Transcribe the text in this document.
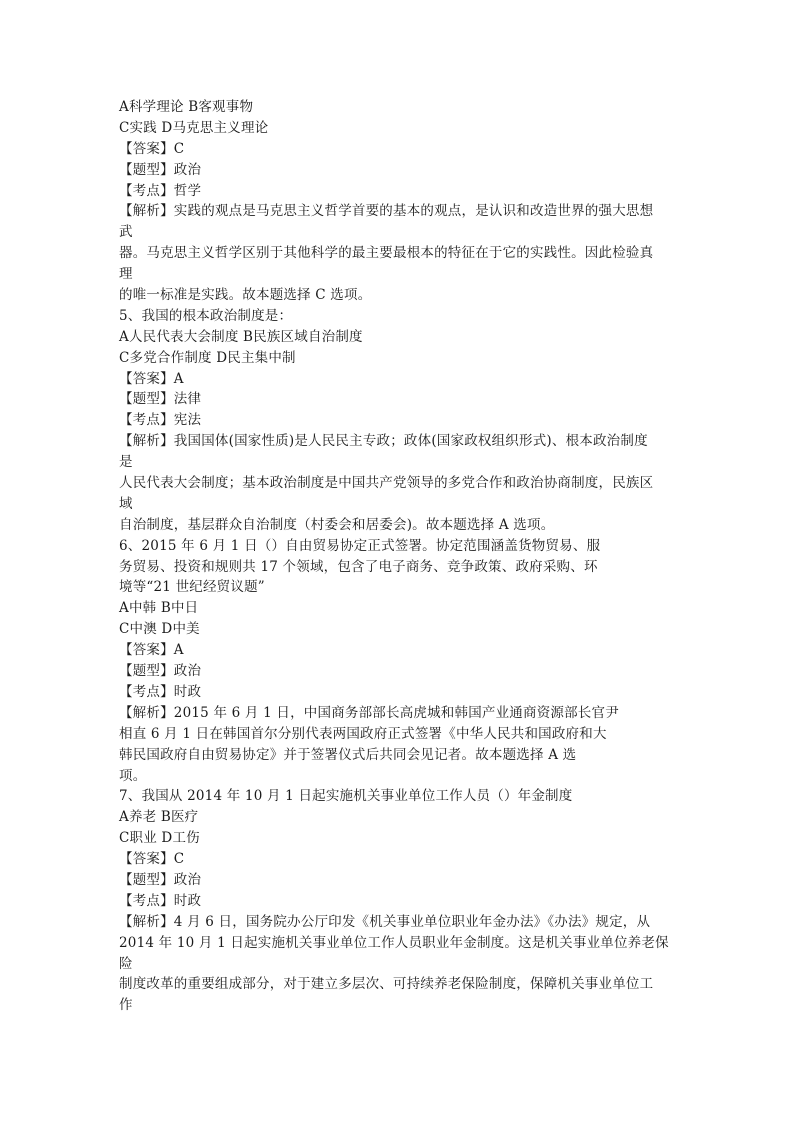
A科学理论 B客观事物
C实践 D马克思主义理论
【答案】C
【题型】政治
【考点】哲学
【解析】实践的观点是马克思主义哲学首要的基本的观点，是认识和改造世界的强大思想
武
器。马克思主义哲学区别于其他科学的最主要最根本的特征在于它的实践性。因此检验真
理
的唯一标准是实践。故本题选择 C 选项。
5、我国的根本政治制度是：
A人民代表大会制度 B民族区域自治制度
C多党合作制度 D民主集中制
【答案】A
【题型】法律
【考点】宪法
【解析】我国国体(国家性质)是人民民主专政；政体(国家政权组织形式)、根本政治制度
是
人民代表大会制度；基本政治制度是中国共产党领导的多党合作和政治协商制度，民族区
域
自治制度，基层群众自治制度（村委会和居委会)。故本题选择 A 选项。
6、2015 年 6 月 1 日（）自由贸易协定正式签署。协定范围涵盖货物贸易、服
务贸易、投资和规则共 17 个领域，包含了电子商务、竞争政策、政府采购、环
境等“21 世纪经贸议题”
A中韩 B中日
C中澳 D中美
【答案】A
【题型】政治
【考点】时政
【解析】2015 年 6 月 1 日，中国商务部部长高虎城和韩国产业通商资源部长官尹
相直 6 月 1 日在韩国首尔分别代表两国政府正式签署《中华人民共和国政府和大
韩民国政府自由贸易协定》并于签署仪式后共同会见记者。故本题选择 A 选
项。
7、我国从 2014 年 10 月 1 日起实施机关事业单位工作人员（）年金制度
A养老 B医疗
C职业 D工伤
【答案】C
【题型】政治
【考点】时政
【解析】4 月 6 日，国务院办公厅印发《机关事业单位职业年金办法》《办法》规定，从
2014 年 10 月 1 日起实施机关事业单位工作人员职业年金制度。这是机关事业单位养老保
险
制度改革的重要组成部分，对于建立多层次、可持续养老保险制度，保障机关事业单位工
作
